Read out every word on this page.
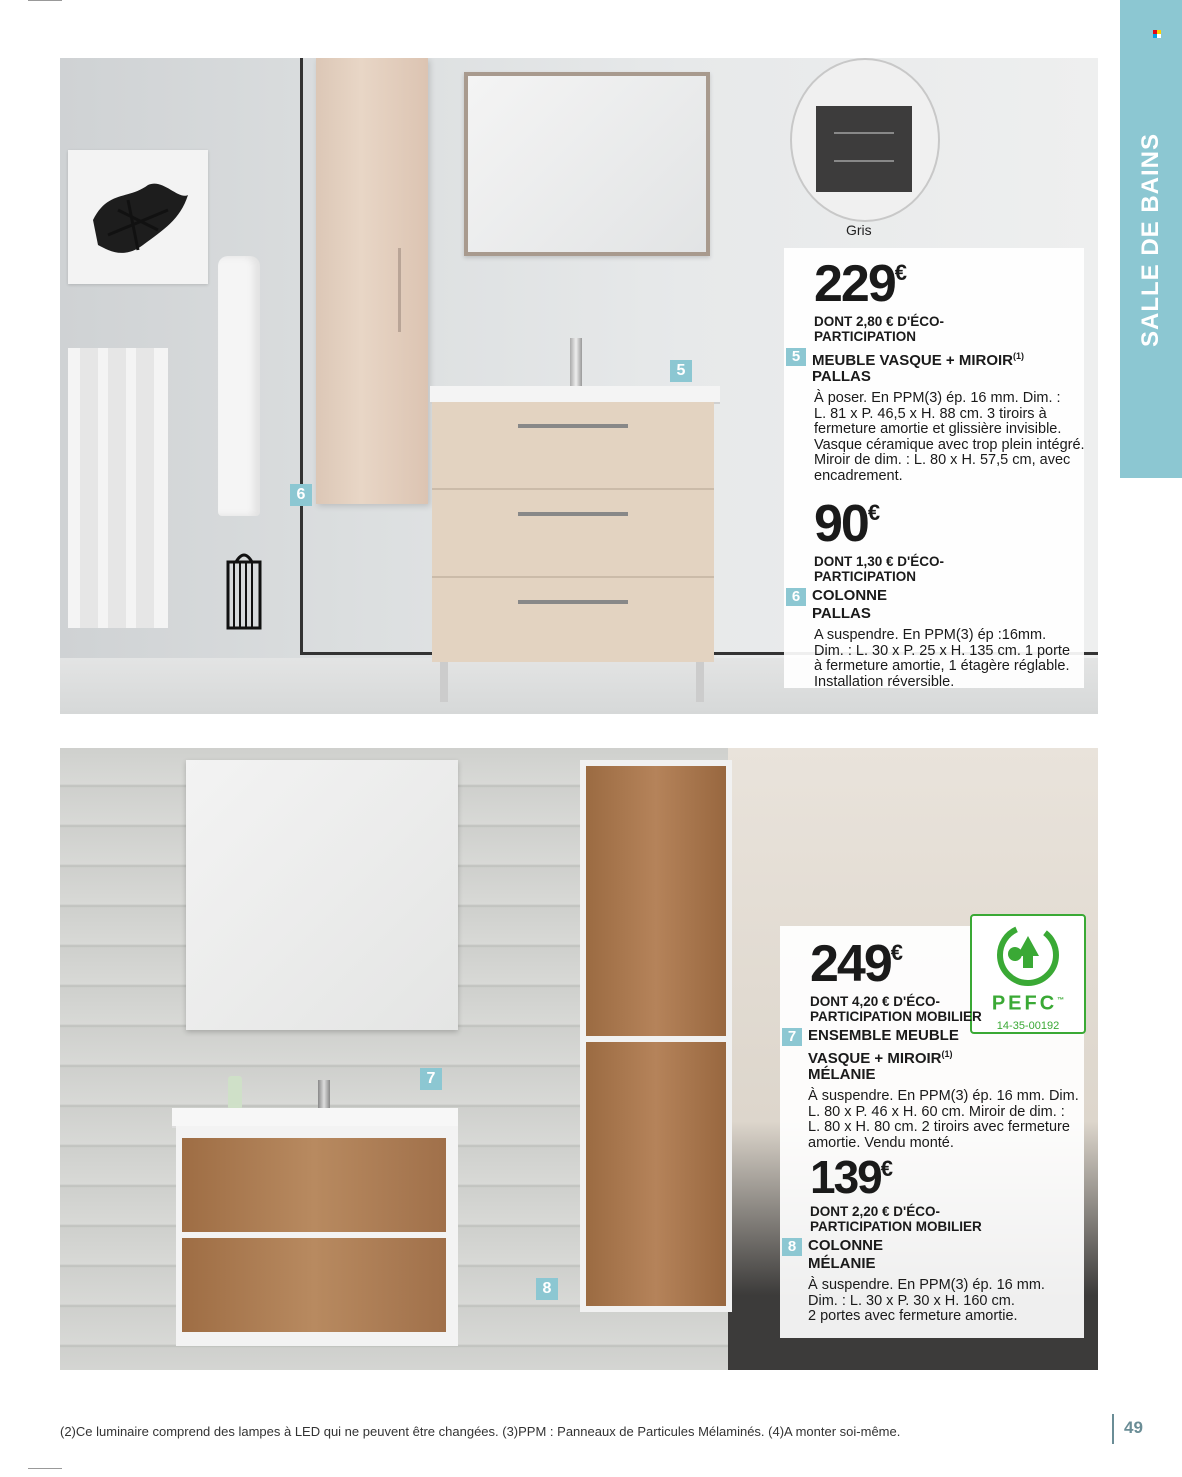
SALLE DE BAINS
Gris
5
6
229€
DONT 2,80 € D'ÉCO-
PARTICIPATION
5 MEUBLE VASQUE + $MIROIR^{(1)}$
PALLAS
À poser. En PPM(3) ép. 16 mm. Dim. :
L. 81 x P. 46,5 x H. 88 cm. 3 tiroirs à
fermeture amortie et glissière invisible.
Vasque céramique avec trop plein intégré.
Miroir de dim. : L. 80 x H. 57,5 cm, avec
encadrement.
90€
DONT 1,30 € D'ÉCO-
PARTICIPATION
6 COLONNE
PALLAS
A suspendre. En PPM(3) ép :16mm.
Dim. : L. 30 x P. 25 x H. 135 cm. 1 porte
à fermeture amortie, 1 étagère réglable.
Installation réversible.
7
8
PEFC™
14-35-00192
249€
DONT 4,20 € D'ÉCO-
PARTICIPATION MOBILIER
7 ENSEMBLE MEUBLE
VASQUE + $MIROIR^{(1)}$
MÉLANIE
À suspendre. En PPM(3) ép. 16 mm. Dim.
L. 80 x P. 46 x H. 60 cm. Miroir de dim. :
L. 80 x H. 80 cm. 2 tiroirs avec fermeture
amortie. Vendu monté.
139€
DONT 2,20 € D'ÉCO-
PARTICIPATION MOBILIER
8 COLONNE
MÉLANIE
À suspendre. En PPM(3) ép. 16 mm.
Dim. : L. 30 x P. 30 x H. 160 cm.
2 portes avec fermeture amortie.
(2)Ce luminaire comprend des lampes à LED qui ne peuvent être changées. (3)PPM : Panneaux de Particules Mélaminés. (4)A monter soi-même.	49
